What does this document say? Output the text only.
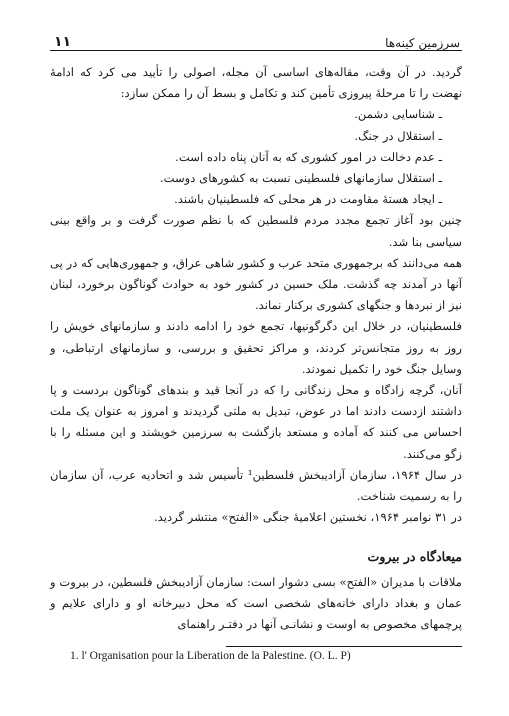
۱۱	سرزمین کینه‌ها

گردید. در آن وقت، مقاله‌های اساسی آن مجله، اصولی را تأیید می کرد که ادامهٔ نهضت را تا مرحلهٔ پیروزی تأمین کند و تکامل و بسط آن را ممکن سازد:

ـ شناسایی دشمن.

ـ استقلال در جنگ.

ـ عدم دخالت در امور کشوری که به آنان پناه داده است.

ـ استقلال سازمانهای فلسطینی نسبت به کشورهای دوست.

ـ ایجاد هستهٔ مقاومت در هر محلی که فلسطینیان باشند.

چنین بود آغاز تجمع مجدد مردم فلسطین که با نظم صورت گرفت و بر واقع بینی سیاسی بنا شد.

همه می‌دانند که برجمهوری متحد عرب و کشور شاهی عراق، و جمهوری‌هایی که در پی آنها در آمدند چه گذشت. ملک حسین در کشور خود به حوادث گوناگون برخورد، لبنان نیز از نبردها و جنگهای کشوری برکنار نماند.

فلسطینیان، در خلال این دگرگونیها، تجمع خود را ادامه دادند و سازمانهای خویش را روز به روز متجانس‌تر کردند، و مراکز تحقیق و بررسی، و سازمانهای ارتباطی، و وسایل جنگ خود را تکمیل نمودند.

آنان، گرچه زادگاه و محل زندگانی را که در آنجا قید و بندهای گوناگون بردست و پا داشتند ازدست دادند اما در عوض، تبدیل به ملتی گردیدند و امروز به عنوان یک ملت احساس می کنند که آماده و مستعد بازگشت به سرزمین خویشند و این مسئله را با زگو می‌کنند.

در سال ۱۹۶۴، سازمان آزادیبخش فلسطین¹ تأسیس شد و اتحادیه عرب، آن سازمان را به رسمیت شناخت.

در ۳۱ نوامبر ۱۹۶۴، نخستین اعلامیهٔ جنگی «الفتح» منتشر گردید.

میعادگاه در بیروت

ملاقات با مدیران «الفتح» بسی دشوار است: سازمان آزادیبخش فلسطین، در بیروت و عمان و بغداد دارای خانه‌های شخصی است که محل دبیرخانه او و دارای علایم و پرچمهای مخصوص به اوست و نشانـی آنها در دفتـر راهنمای

1. l' Organisation pour la Liberation de la Palestine. (O. L. P)
